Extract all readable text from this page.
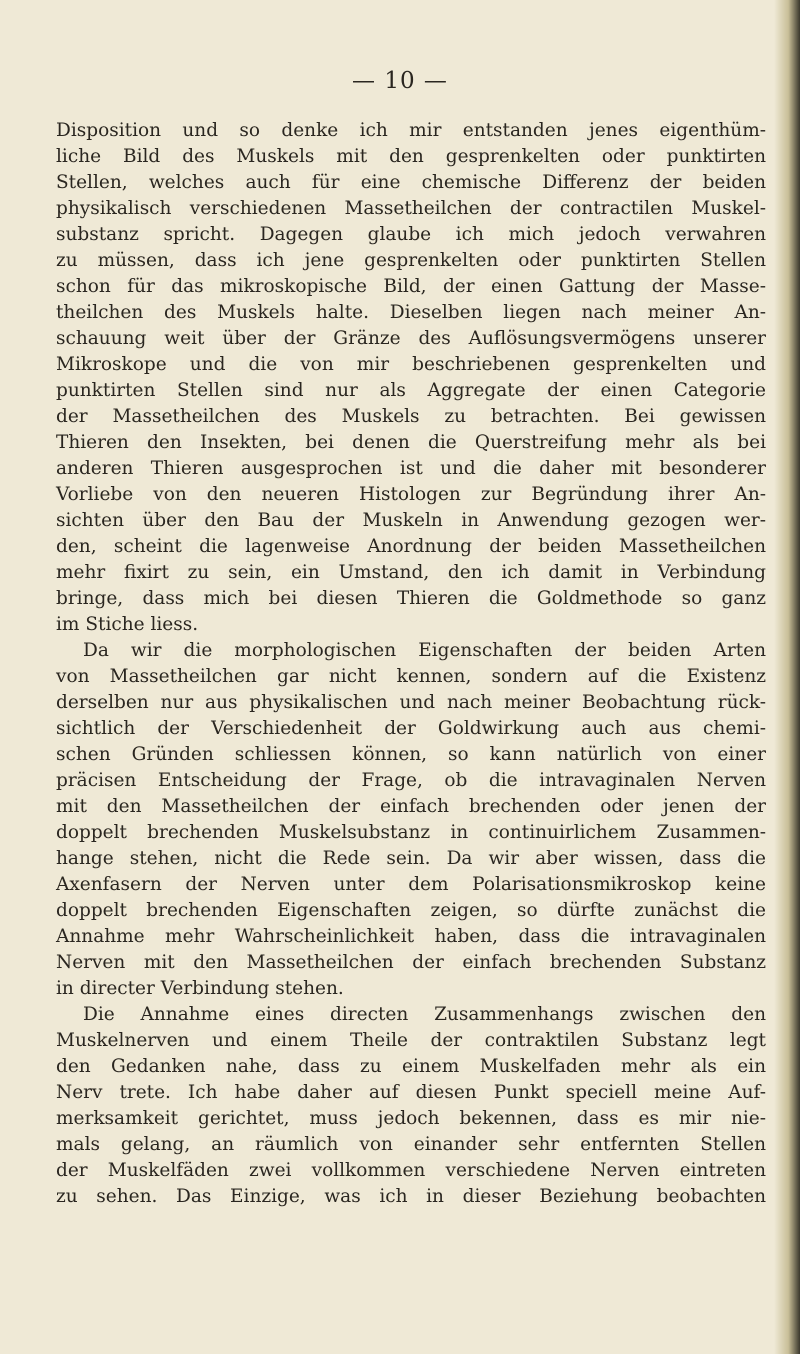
— 10 —
Disposition und so denke ich mir entstanden jenes eigenthüm-
liche Bild des Muskels mit den gesprenkelten oder punktirten
Stellen, welches auch für eine chemische Differenz der beiden
physikalisch verschiedenen Massetheilchen der contractilen Muskel-
substanz spricht. Dagegen glaube ich mich jedoch verwahren
zu müssen, dass ich jene gesprenkelten oder punktirten Stellen
schon für das mikroskopische Bild, der einen Gattung der Masse-
theilchen des Muskels halte. Dieselben liegen nach meiner An-
schauung weit über der Gränze des Auflösungsvermögens unserer
Mikroskope und die von mir beschriebenen gesprenkelten und
punktirten Stellen sind nur als Aggregate der einen Categorie
der Massetheilchen des Muskels zu betrachten. Bei gewissen
Thieren den Insekten, bei denen die Querstreifung mehr als bei
anderen Thieren ausgesprochen ist und die daher mit besonderer
Vorliebe von den neueren Histologen zur Begründung ihrer An-
sichten über den Bau der Muskeln in Anwendung gezogen wer-
den, scheint die lagenweise Anordnung der beiden Massetheilchen
mehr fixirt zu sein, ein Umstand, den ich damit in Verbindung
bringe, dass mich bei diesen Thieren die Goldmethode so ganz
im Stiche liess.
Da wir die morphologischen Eigenschaften der beiden Arten
von Massetheilchen gar nicht kennen, sondern auf die Existenz
derselben nur aus physikalischen und nach meiner Beobachtung rück-
sichtlich der Verschiedenheit der Goldwirkung auch aus chemi-
schen Gründen schliessen können, so kann natürlich von einer
präcisen Entscheidung der Frage, ob die intravaginalen Nerven
mit den Massetheilchen der einfach brechenden oder jenen der
doppelt brechenden Muskelsubstanz in continuirlichem Zusammen-
hange stehen, nicht die Rede sein. Da wir aber wissen, dass die
Axenfasern der Nerven unter dem Polarisationsmikroskop keine
doppelt brechenden Eigenschaften zeigen, so dürfte zunächst die
Annahme mehr Wahrscheinlichkeit haben, dass die intravaginalen
Nerven mit den Massetheilchen der einfach brechenden Substanz
in directer Verbindung stehen.
Die Annahme eines directen Zusammenhangs zwischen den
Muskelnerven und einem Theile der contraktilen Substanz legt
den Gedanken nahe, dass zu einem Muskelfaden mehr als ein
Nerv trete. Ich habe daher auf diesen Punkt speciell meine Auf-
merksamkeit gerichtet, muss jedoch bekennen, dass es mir nie-
mals gelang, an räumlich von einander sehr entfernten Stellen
der Muskelfäden zwei vollkommen verschiedene Nerven eintreten
zu sehen. Das Einzige, was ich in dieser Beziehung beobachten
